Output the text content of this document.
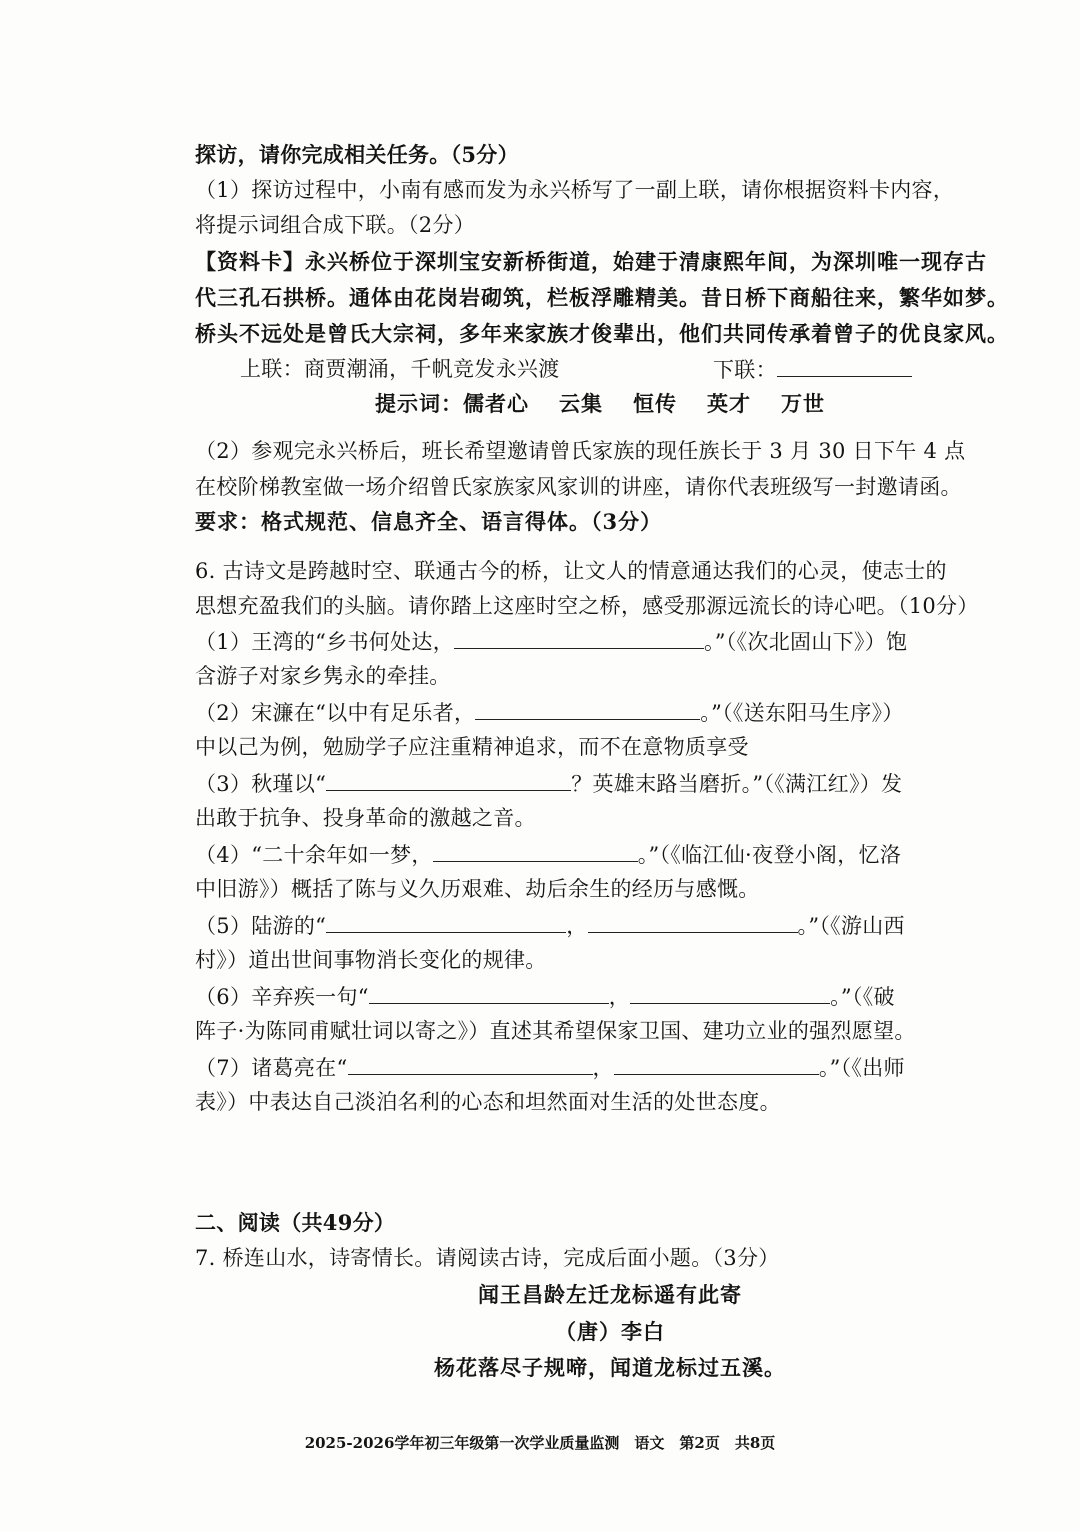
探访，请你完成相关任务。（5分）
（1）探访过程中，小南有感而发为永兴桥写了一副上联，请你根据资料卡内容，
将提示词组合成下联。（2分）
【资料卡】永兴桥位于深圳宝安新桥街道，始建于清康熙年间，为深圳唯一现存古
代三孔石拱桥。通体由花岗岩砌筑，栏板浮雕精美。昔日桥下商船往来，繁华如梦。
桥头不远处是曾氏大宗祠，多年来家族才俊辈出，他们共同传承着曾子的优良家风。
上联：商贾潮涌，千帆竞发永兴渡	下联：
提示词：儒者心 云集 恒传 英才 万世
（2）参观完永兴桥后，班长希望邀请曾氏家族的现任族长于 3 月 30 日下午 4 点
在校阶梯教室做一场介绍曾氏家族家风家训的讲座，请你代表班级写一封邀请函。
要求：格式规范、信息齐全、语言得体。（3分）
6. 古诗文是跨越时空、联通古今的桥，让文人的情意通达我们的心灵，使志士的
思想充盈我们的头脑。请你踏上这座时空之桥，感受那源远流长的诗心吧。（10分）
（1）王湾的“乡书何处达，	。”（《次北固山下》）饱
含游子对家乡隽永的牵挂。
（2）宋濂在“以中有足乐者，	。”（《送东阳马生序》）
中以己为例，勉励学子应注重精神追求，而不在意物质享受
（3）秋瑾以“	？英雄末路当磨折。”（《满江红》）发
出敢于抗争、投身革命的激越之音。
（4）“二十余年如一梦，	。”（《临江仙·夜登小阁，忆洛
中旧游》）概括了陈与义久历艰难、劫后余生的经历与感慨。
（5）陆游的“	，	。”（《游山西
村》）道出世间事物消长变化的规律。
（6）辛弃疾一句“	，	。”（《破
阵子·为陈同甫赋壮词以寄之》）直述其希望保家卫国、建功立业的强烈愿望。
（7）诸葛亮在“	，	。”（《出师
表》）中表达自己淡泊名利的心态和坦然面对生活的处世态度。
二、阅读（共49分）
7. 桥连山水，诗寄情长。请阅读古诗，完成后面小题。（3分）
闻王昌龄左迁龙标遥有此寄
（唐）李白
杨花落尽子规啼，闻道龙标过五溪。
2025-2026学年初三年级第一次学业质量监测　语文　第2页　共8页
